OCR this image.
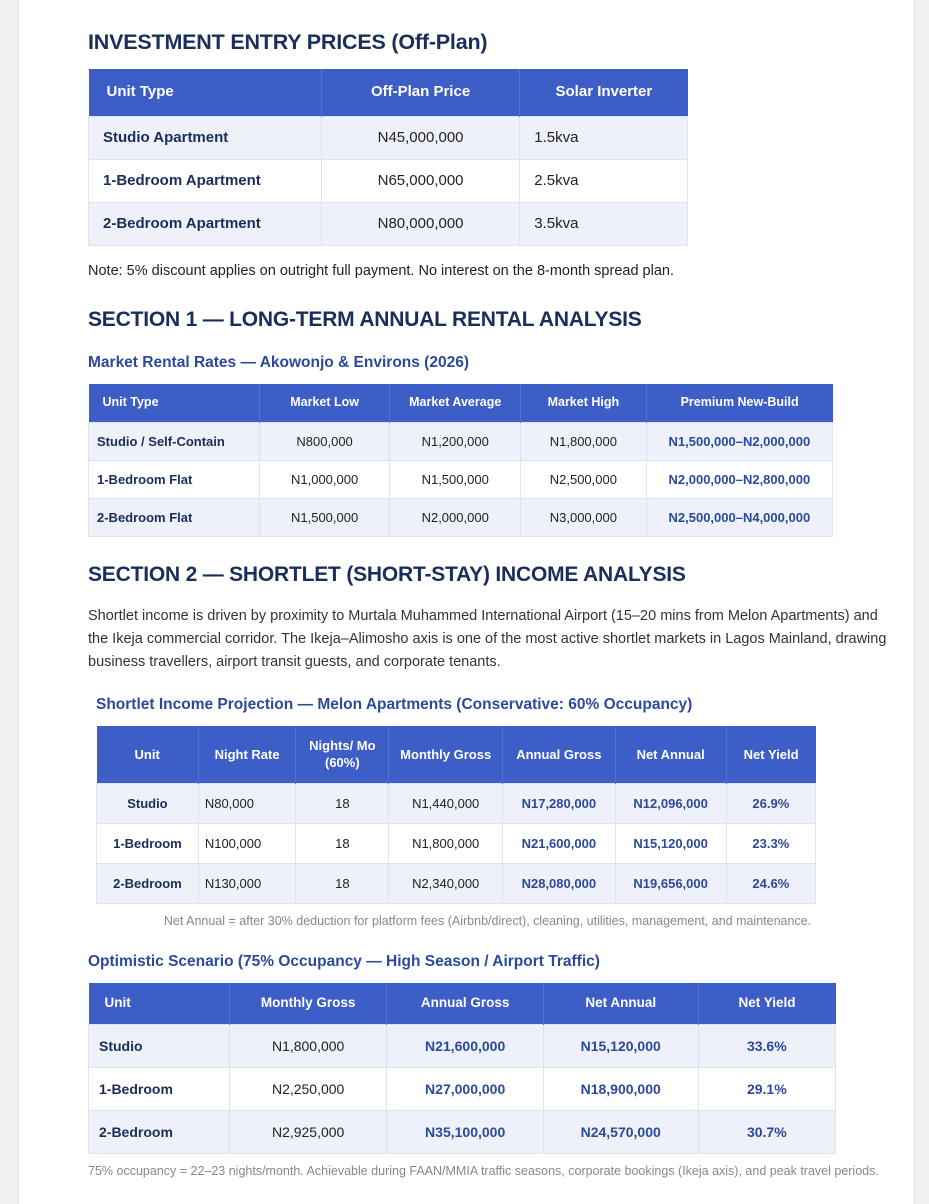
INVESTMENT ENTRY PRICES (Off-Plan)
Unit Type	Off-Plan Price	Solar Inverter
Studio Apartment	N45,000,000	1.5kva
1-Bedroom Apartment	N65,000,000	2.5kva
2-Bedroom Apartment	N80,000,000	3.5kva

Note: 5% discount applies on outright full payment. No interest on the 8-month spread plan.

SECTION 1 — LONG-TERM ANNUAL RENTAL ANALYSIS
Market Rental Rates — Akowonjo & Environs (2026)
Unit Type	Market Low	Market Average	Market High	Premium New-Build
Studio / Self-Contain	N800,000	N1,200,000	N1,800,000	N1,500,000–N2,000,000
1-Bedroom Flat	N1,000,000	N1,500,000	N2,500,000	N2,000,000–N2,800,000
2-Bedroom Flat	N1,500,000	N2,000,000	N3,000,000	N2,500,000–N4,000,000
SECTION 2 — SHORTLET (SHORT-STAY) INCOME ANALYSIS

Shortlet income is driven by proximity to Murtala Muhammed International Airport (15–20 mins from Melon Apartments) and the Ikeja commercial corridor. The Ikeja–Alimosho axis is one of the most active shortlet markets in Lagos Mainland, drawing business travellers, airport transit guests, and corporate tenants.

Shortlet Income Projection — Melon Apartments (Conservative: 60% Occupancy)
Unit	Night Rate	Nights/ Mo (60%)	Monthly Gross	Annual Gross	Net Annual	Net Yield
Studio	N80,000	18	N1,440,000	N17,280,000	N12,096,000	26.9%
1-Bedroom	N100,000	18	N1,800,000	N21,600,000	N15,120,000	23.3%
2-Bedroom	N130,000	18	N2,340,000	N28,080,000	N19,656,000	24.6%

Net Annual = after 30% deduction for platform fees (Airbnb/direct), cleaning, utilities, management, and maintenance.

Optimistic Scenario (75% Occupancy — High Season / Airport Traffic)
Unit	Monthly Gross	Annual Gross	Net Annual	Net Yield
Studio	N1,800,000	N21,600,000	N15,120,000	33.6%
1-Bedroom	N2,250,000	N27,000,000	N18,900,000	29.1%
2-Bedroom	N2,925,000	N35,100,000	N24,570,000	30.7%

75% occupancy = 22–23 nights/month. Achievable during FAAN/MMIA traffic seasons, corporate bookings (Ikeja axis), and peak travel periods.
